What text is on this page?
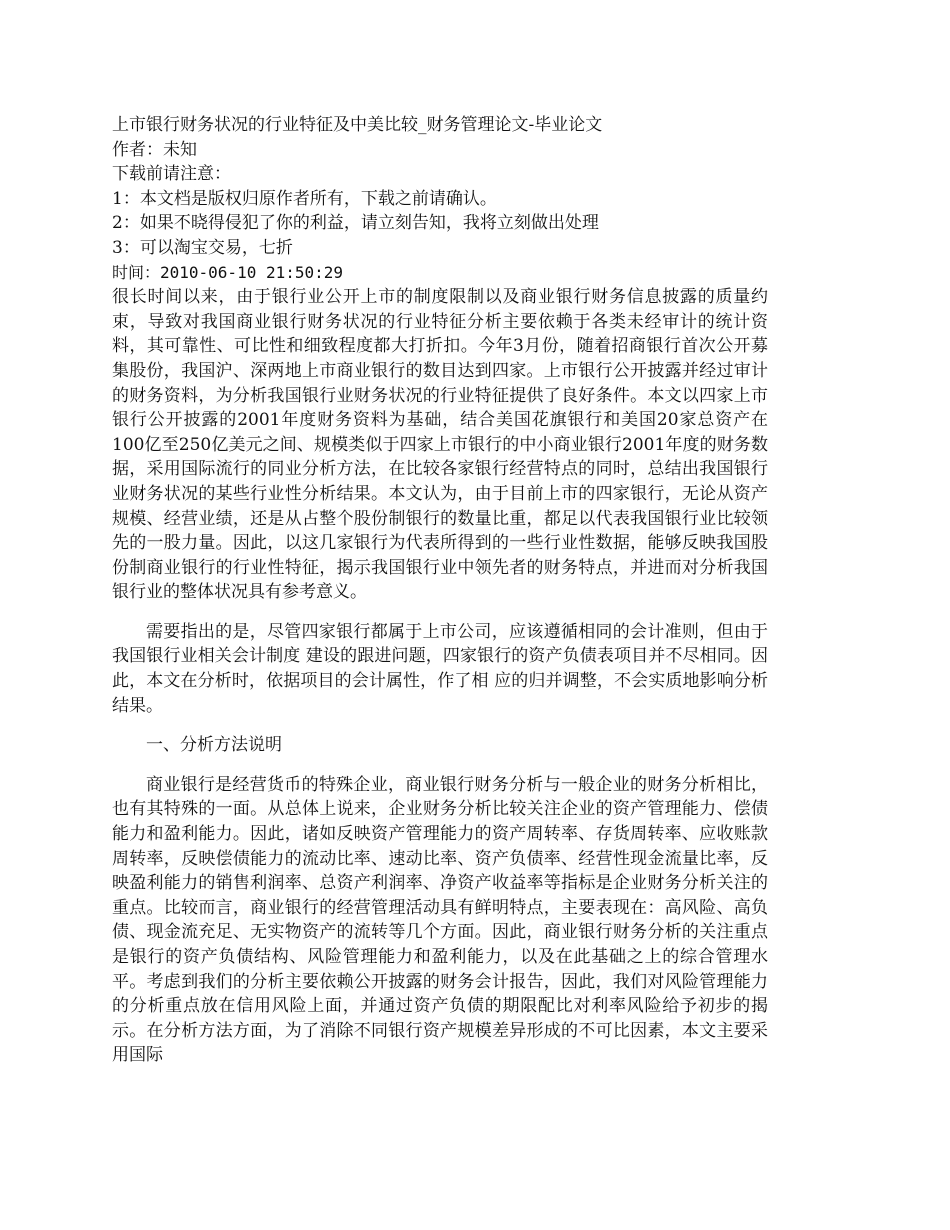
上市银行财务状况的行业特征及中美比较_财务管理论文-毕业论文
作者：未知
下载前请注意：
1：本文档是版权归原作者所有，下载之前请确认。
2：如果不晓得侵犯了你的利益，请立刻告知，我将立刻做出处理
3：可以淘宝交易，七折
时间：2010-06-10 21:50:29

很长时间以来，由于银行业公开上市的制度限制以及商业银行财务信息披露的质量约束，导致对我国商业银行财务状况的行业特征分析主要依赖于各类未经审计的统计资料，其可靠性、可比性和细致程度都大打折扣。今年3月份，随着招商银行首次公开募集股份，我国沪、深两地上市商业银行的数目达到四家。上市银行公开披露并经过审计的财务资料，为分析我国银行业财务状况的行业特征提供了良好条件。本文以四家上市银行公开披露的2001年度财务资料为基础，结合美国花旗银行和美国20家总资产在100亿至250亿美元之间、规模类似于四家上市银行的中小商业银行2001年度的财务数据，采用国际流行的同业分析方法，在比较各家银行经营特点的同时，总结出我国银行业财务状况的某些行业性分析结果。本文认为，由于目前上市的四家银行，无论从资产规模、经营业绩，还是从占整个股份制银行的数量比重，都足以代表我国银行业比较领先的一股力量。因此，以这几家银行为代表所得到的一些行业性数据，能够反映我国股份制商业银行的行业性特征，揭示我国银行业中领先者的财务特点，并进而对分析我国银行业的整体状况具有参考意义。

需要指出的是，尽管四家银行都属于上市公司，应该遵循相同的会计准则，但由于我国银行业相关会计制度 建设的跟进问题，四家银行的资产负债表项目并不尽相同。因此，本文在分析时，依据项目的会计属性，作了相 应的归并调整，不会实质地影响分析结果。

一、分析方法说明

商业银行是经营货币的特殊企业，商业银行财务分析与一般企业的财务分析相比，也有其特殊的一面。从总体上说来，企业财务分析比较关注企业的资产管理能力、偿债能力和盈利能力。因此，诸如反映资产管理能力的资产周转率、存货周转率、应收账款周转率，反映偿债能力的流动比率、速动比率、资产负债率、经营性现金流量比率，反映盈利能力的销售利润率、总资产利润率、净资产收益率等指标是企业财务分析关注的重点。比较而言，商业银行的经营管理活动具有鲜明特点，主要表现在：高风险、高负债、现金流充足、无实物资产的流转等几个方面。因此，商业银行财务分析的关注重点是银行的资产负债结构、风险管理能力和盈利能力，以及在此基础之上的综合管理水平。考虑到我们的分析主要依赖公开披露的财务会计报告，因此，我们对风险管理能力的分析重点放在信用风险上面，并通过资产负债的期限配比对利率风险给予初步的揭示。在分析方法方面，为了消除不同银行资产规模差异形成的不可比因素，本文主要采用国际
